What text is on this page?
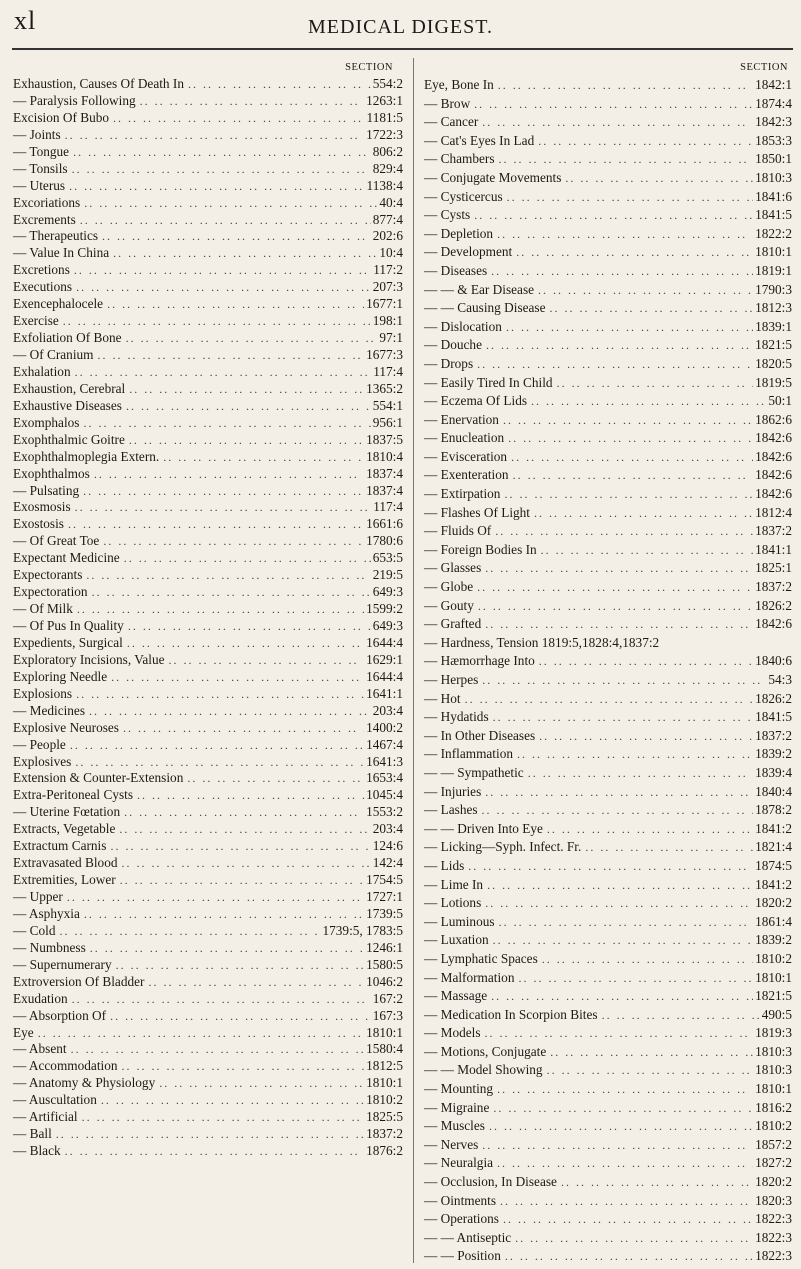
xl	MEDICAL DIGEST.
SECTION
Exhaustion, Causes Of Death In .. ..	554:2
— Paralysis Following .. ..	1263:1
Excision Of Bubo .. ..	1181:5
— Joints .. ..	1722:3
— Tongue .. ..	806:2
— Tonsils .. ..	829:4
— Uterus .. ..	1138:4
Excoriations .. ..	40:4
Excrements .. ..	877:4
— Therapeutics .. ..	202:6
— Value In China .. ..	10:4
Excretions .. ..	117:2
Executions .. ..	207:3
Exencephalocele .. ..	1677:1
Exercise .. ..	198:1
Exfoliation Of Bone .. ..	97:1
— Of Cranium .. ..	1677:3
Exhalation .. ..	117:4
Exhaustion, Cerebral .. ..	1365:2
Exhaustive Diseases .. ..	554:1
Exomphalos .. ..	956:1
Exophthalmic Goitre .. ..	1837:5
Exophthalmoplegia Extern. .. ..	1810:4
Exophthalmos .. ..	1837:4
— Pulsating .. ..	1837:4
Exosmosis .. ..	117:4
Exostosis .. ..	1661:6
— Of Great Toe .. ..	1780:6
Expectant Medicine .. ..	653:5
Expectorants .. ..	219:5
Expectoration .. ..	649:3
— Of Milk .. ..	1599:2
— Of Pus In Quality .. ..	649:3
Expedients, Surgical .. ..	1644:4
Exploratory Incisions, Value .. ..	1629:1
Exploring Needle .. ..	1644:4
Explosions .. ..	1641:1
— Medicines .. ..	203:4
Explosive Neuroses .. ..	1400:2
— People .. ..	1467:4
Explosives .. ..	1641:3
Extension & Counter-Extension .. ..	1653:4
Extra-Peritoneal Cysts .. ..	1045:4
— Uterine Fœtation .. ..	1553:2
Extracts, Vegetable .. ..	203:4
Extractum Carnis .. ..	124:6
Extravasated Blood .. ..	142:4
Extremities, Lower .. ..	1754:5
— Upper .. ..	1727:1
— Asphyxia .. ..	1739:5
— Cold .. ..	1739:5, 1783:5
— Numbness .. ..	1246:1
— Supernumerary .. ..	1580:5
Extroversion Of Bladder .. ..	1046:2
Exudation .. ..	167:2
— Absorption Of .. ..	167:3
Eye .. ..	1810:1
— Absent .. ..	1580:4
— Accommodation .. ..	1812:5
— Anatomy & Physiology .. ..	1810:1
— Auscultation .. ..	1810:2
— Artificial .. ..	1825:5
— Ball .. ..	1837:2
— Black .. ..	1876:2
SECTION
Eye, Bone In .. ..	1842:1
— Brow .. ..	1874:4
— Cancer .. ..	1842:3
— Cat's Eyes In Lad .. ..	1853:3
— Chambers .. ..	1850:1
— Conjugate Movements .. ..	1810:3
— Cysticercus .. ..	1841:6
— Cysts .. ..	1841:5
— Depletion .. ..	1822:2
— Development .. ..	1810:1
— Diseases .. ..	1819:1
— — & Ear Disease .. ..	1790:3
— — Causing Disease .. ..	1812:3
— Dislocation .. ..	1839:1
— Douche .. ..	1821:5
— Drops .. ..	1820:5
— Easily Tired In Child .. ..	1819:5
— Eczema Of Lids .. ..	50:1
— Enervation .. ..	1862:6
— Enucleation .. ..	1842:6
— Evisceration .. ..	1842:6
— Exenteration .. ..	1842:6
— Extirpation .. ..	1842:6
— Flashes Of Light .. ..	1812:4
— Fluids Of .. ..	1837:2
— Foreign Bodies In .. ..	1841:1
— Glasses .. ..	1825:1
— Globe .. ..	1837:2
— Gouty .. ..	1826:2
— Grafted .. ..	1842:6
— Hardness, Tension 1819:5,1828:4,1837:2
— Hæmorrhage Into .. ..	1840:6
— Herpes .. ..	54:3
— Hot .. ..	1826:2
— Hydatids .. ..	1841:5
— In Other Diseases .. ..	1837:2
— Inflammation .. ..	1839:2
— — Sympathetic .. ..	1839:4
— Injuries .. ..	1840:4
— Lashes .. ..	1878:2
— — Driven Into Eye .. ..	1841:2
— Licking—Syph. Infect. Fr. .. ..	1821:4
— Lids .. ..	1874:5
— Lime In .. ..	1841:2
— Lotions .. ..	1820:2
— Luminous .. ..	1861:4
— Luxation .. ..	1839:2
— Lymphatic Spaces .. ..	1810:2
— Malformation .. ..	1810:1
— Massage .. ..	1821:5
— Medication In Scorpion Bites .. ..	490:5
— Models .. ..	1819:3
— Motions, Conjugate .. ..	1810:3
— — Model Showing .. ..	1810:3
— Mounting .. ..	1810:1
— Migraine .. ..	1816:2
— Muscles .. ..	1810:2
— Nerves .. ..	1857:2
— Neuralgia .. ..	1827:2
— Occlusion, In Disease .. ..	1820:2
— Ointments .. ..	1820:3
— Operations .. ..	1822:3
— — Antiseptic .. ..	1822:3
— — Position .. ..	1822:3
